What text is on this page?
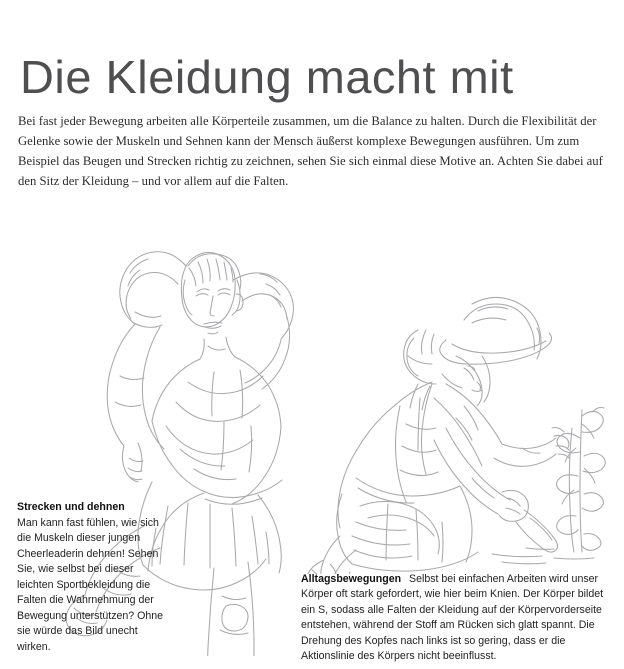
Die Kleidung macht mit

Bei fast jeder Bewegung arbeiten alle Körperteile zusammen, um die Balance zu halten. Durch die Flexibilität der Gelenke sowie der Muskeln und Sehnen kann der Mensch äußerst komplexe Bewegungen ausführen. Um zum Beispiel das Beugen und Strecken richtig zu zeichnen, sehen Sie sich einmal diese Motive an. Achten Sie dabei auf den Sitz der Kleidung – und vor allem auf die Falten.

Strecken und dehnen
Man kann fast fühlen, wie sich die Muskeln dieser jungen Cheerleaderin dehnen! Sehen Sie, wie selbst bei dieser leichten Sportbekleidung die Falten die Wahrnehmung der Bewegung unterstützen? Ohne sie würde das Bild unecht wirken.
Alltagsbewegungen Selbst bei einfachen Arbeiten wird unser Körper oft stark gefordert, wie hier beim Knien. Der Körper bildet ein S, sodass alle Falten der Kleidung auf der Körpervorderseite entstehen, während der Stoff am Rücken sich glatt spannt. Die Drehung des Kopfes nach links ist so gering, dass er die Aktionslinie des Körpers nicht beeinflusst.
